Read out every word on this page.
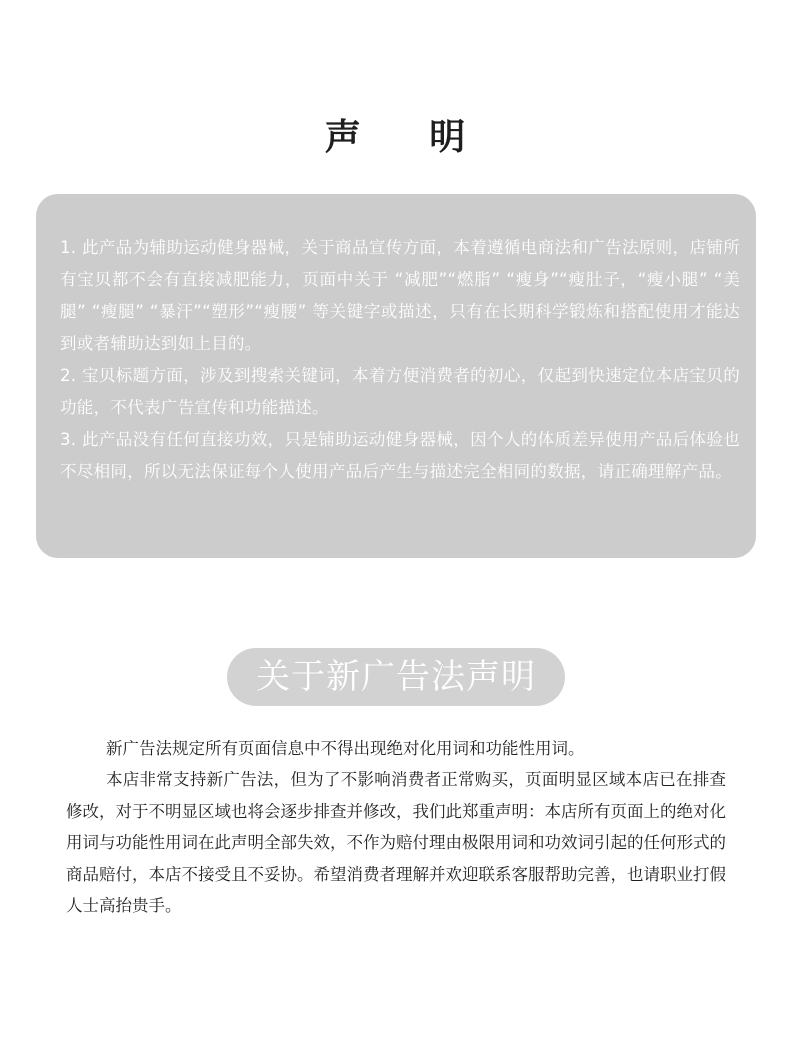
声 明
1. 此产品为辅助运动健身器械，关于商品宣传方面，本着遵循电商法和广告法原则，店铺所有宝贝都不会有直接减肥能力，页面中关于 “减肥”“燃脂” “瘦身”“瘦肚子，“瘦小腿” “美腿” “瘦腿” “暴汗”“塑形”“瘦腰” 等关键字或描述，只有在长期科学锻炼和搭配使用才能达到或者辅助达到如上目的。
2. 宝贝标题方面，涉及到搜索关键词，本着方便消费者的初心，仅起到快速定位本店宝贝的功能，不代表广告宣传和功能描述。
3. 此产品没有任何直接功效，只是铺助运动健身器械，因个人的体质差异使用产品后体验也不尽相同，所以无法保证每个人使用产品后产生与描述完全相同的数据，请正确理解产品。
关于新广告法声明
新广告法规定所有页面信息中不得出现绝对化用词和功能性用词。
本店非常支持新广告法，但为了不影响消费者正常购买，页面明显区域本店已在排查修改，对于不明显区域也将会逐步排查并修改，我们此郑重声明：本店所有页面上的绝对化用词与功能性用词在此声明全部失效，不作为赔付理由极限用词和功效词引起的任何形式的商品赔付，本店不接受且不妥协。希望消费者理解并欢迎联系客服帮助完善，也请职业打假人士高抬贵手。
